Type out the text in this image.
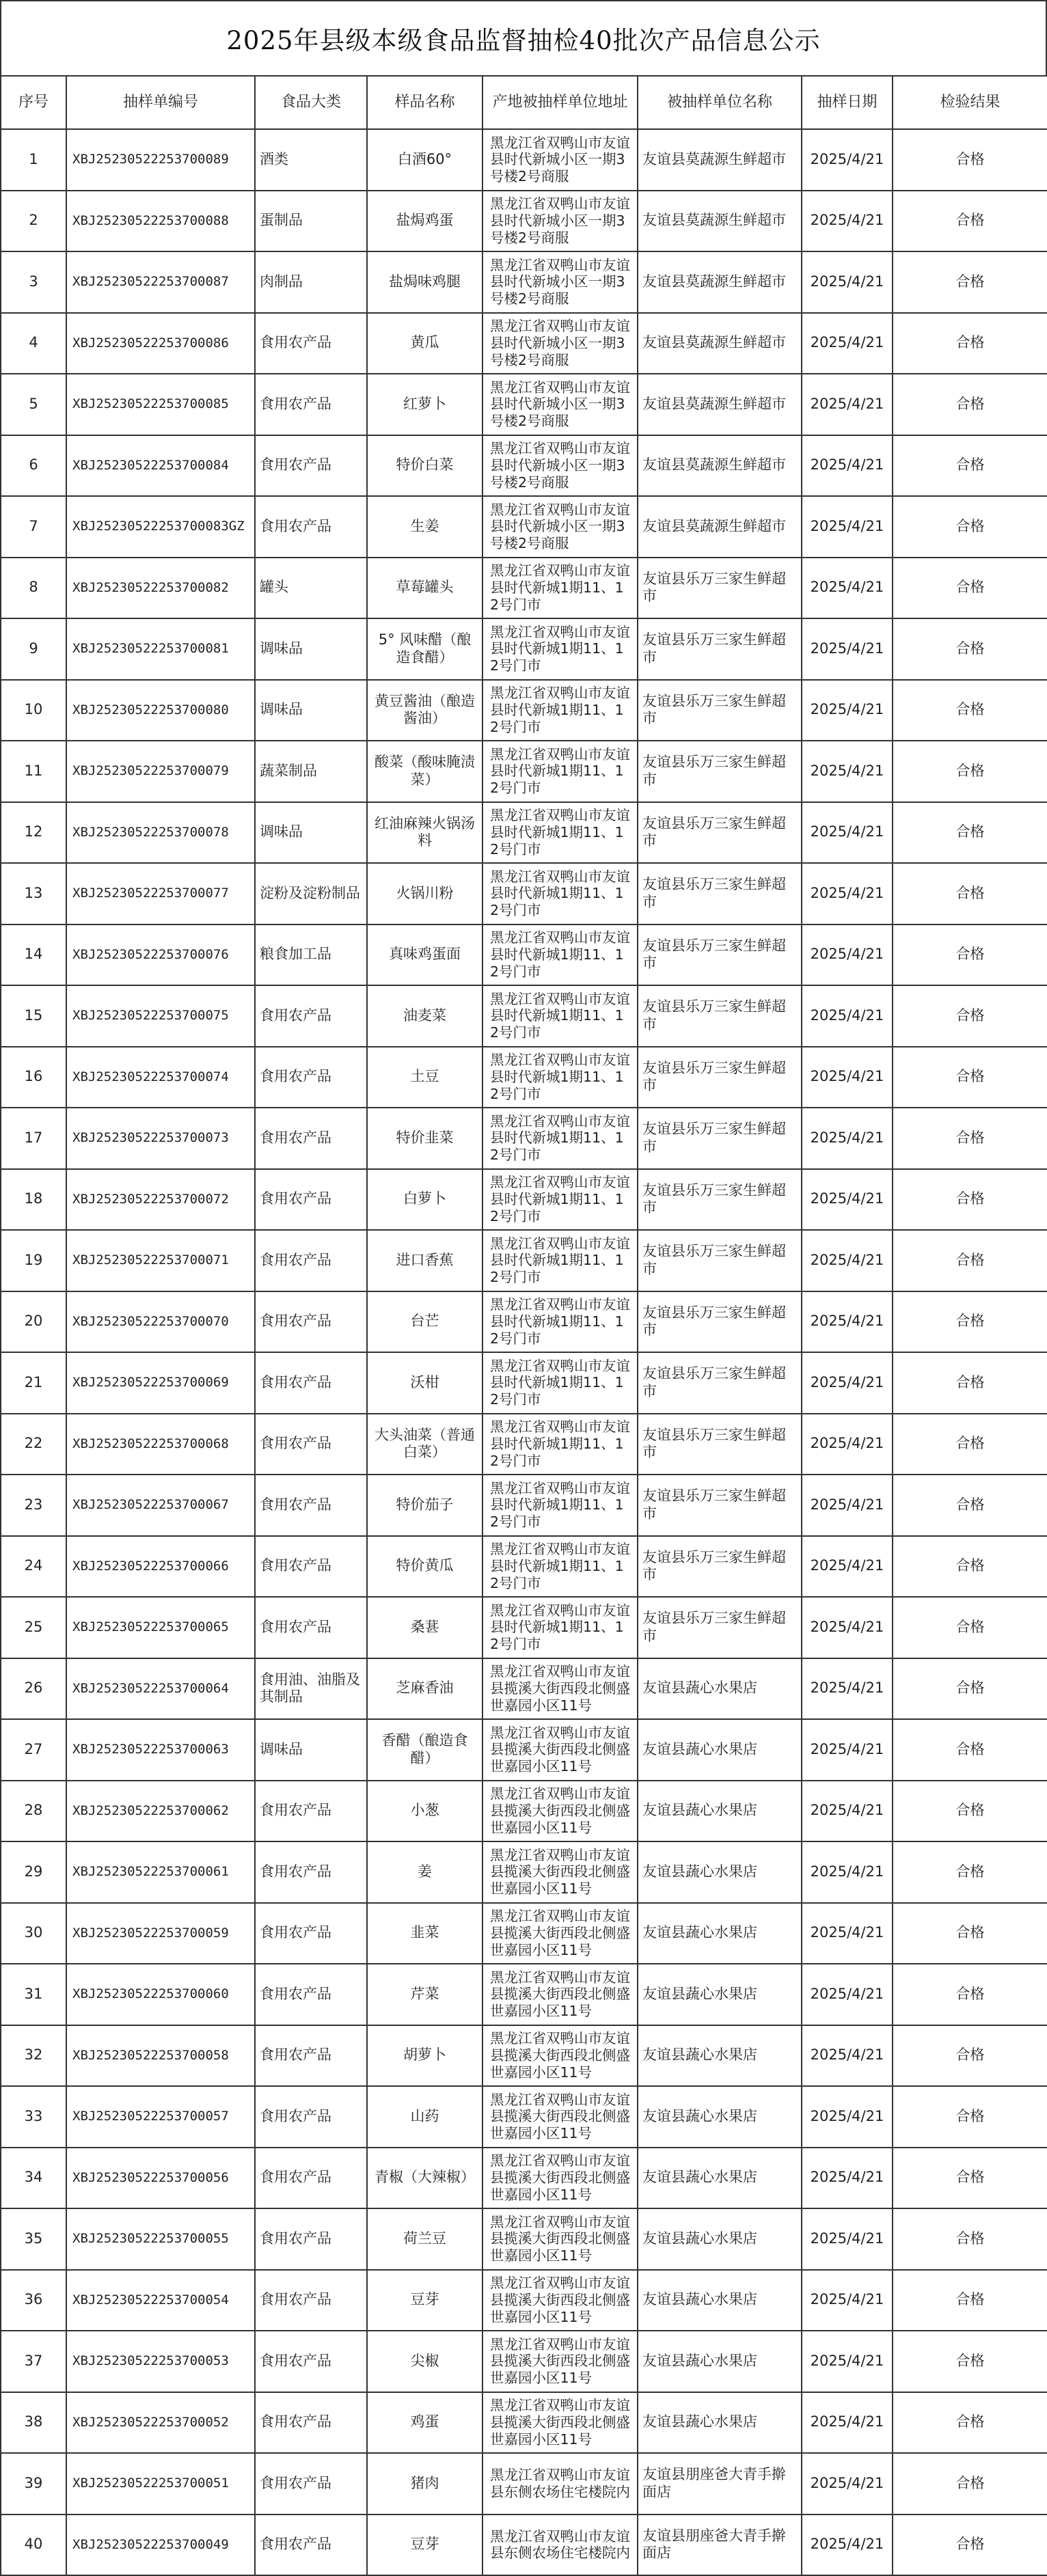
2025年县级本级食品监督抽检40批次产品信息公示
序号	抽样单编号	食品大类	样品名称	产地被抽样单位地址	被抽样单位名称	抽样日期	检验结果
1	XBJ25230522253700089	酒类	白酒60°	黑龙江省双鸭山市友谊县时代新城小区一期3号楼2号商服	友谊县莫蔬源生鲜超市	2025/4/21	合格
2	XBJ25230522253700088	蛋制品	盐焗鸡蛋	黑龙江省双鸭山市友谊县时代新城小区一期3号楼2号商服	友谊县莫蔬源生鲜超市	2025/4/21	合格
3	XBJ25230522253700087	肉制品	盐焗味鸡腿	黑龙江省双鸭山市友谊县时代新城小区一期3号楼2号商服	友谊县莫蔬源生鲜超市	2025/4/21	合格
4	XBJ25230522253700086	食用农产品	黄瓜	黑龙江省双鸭山市友谊县时代新城小区一期3号楼2号商服	友谊县莫蔬源生鲜超市	2025/4/21	合格
5	XBJ25230522253700085	食用农产品	红萝卜	黑龙江省双鸭山市友谊县时代新城小区一期3号楼2号商服	友谊县莫蔬源生鲜超市	2025/4/21	合格
6	XBJ25230522253700084	食用农产品	特价白菜	黑龙江省双鸭山市友谊县时代新城小区一期3号楼2号商服	友谊县莫蔬源生鲜超市	2025/4/21	合格
7	XBJ25230522253700083GZ	食用农产品	生姜	黑龙江省双鸭山市友谊县时代新城小区一期3号楼2号商服	友谊县莫蔬源生鲜超市	2025/4/21	合格
8	XBJ25230522253700082	罐头	草莓罐头	黑龙江省双鸭山市友谊县时代新城1期11、12号门市	友谊县乐万三家生鲜超市	2025/4/21	合格
9	XBJ25230522253700081	调味品	5° 风味醋（酿造食醋）	黑龙江省双鸭山市友谊县时代新城1期11、12号门市	友谊县乐万三家生鲜超市	2025/4/21	合格
10	XBJ25230522253700080	调味品	黄豆酱油（酿造酱油）	黑龙江省双鸭山市友谊县时代新城1期11、12号门市	友谊县乐万三家生鲜超市	2025/4/21	合格
11	XBJ25230522253700079	蔬菜制品	酸菜（酸味腌渍菜）	黑龙江省双鸭山市友谊县时代新城1期11、12号门市	友谊县乐万三家生鲜超市	2025/4/21	合格
12	XBJ25230522253700078	调味品	红油麻辣火锅汤料	黑龙江省双鸭山市友谊县时代新城1期11、12号门市	友谊县乐万三家生鲜超市	2025/4/21	合格
13	XBJ25230522253700077	淀粉及淀粉制品	火锅川粉	黑龙江省双鸭山市友谊县时代新城1期11、12号门市	友谊县乐万三家生鲜超市	2025/4/21	合格
14	XBJ25230522253700076	粮食加工品	真味鸡蛋面	黑龙江省双鸭山市友谊县时代新城1期11、12号门市	友谊县乐万三家生鲜超市	2025/4/21	合格
15	XBJ25230522253700075	食用农产品	油麦菜	黑龙江省双鸭山市友谊县时代新城1期11、12号门市	友谊县乐万三家生鲜超市	2025/4/21	合格
16	XBJ25230522253700074	食用农产品	土豆	黑龙江省双鸭山市友谊县时代新城1期11、12号门市	友谊县乐万三家生鲜超市	2025/4/21	合格
17	XBJ25230522253700073	食用农产品	特价韭菜	黑龙江省双鸭山市友谊县时代新城1期11、12号门市	友谊县乐万三家生鲜超市	2025/4/21	合格
18	XBJ25230522253700072	食用农产品	白萝卜	黑龙江省双鸭山市友谊县时代新城1期11、12号门市	友谊县乐万三家生鲜超市	2025/4/21	合格
19	XBJ25230522253700071	食用农产品	进口香蕉	黑龙江省双鸭山市友谊县时代新城1期11、12号门市	友谊县乐万三家生鲜超市	2025/4/21	合格
20	XBJ25230522253700070	食用农产品	台芒	黑龙江省双鸭山市友谊县时代新城1期11、12号门市	友谊县乐万三家生鲜超市	2025/4/21	合格
21	XBJ25230522253700069	食用农产品	沃柑	黑龙江省双鸭山市友谊县时代新城1期11、12号门市	友谊县乐万三家生鲜超市	2025/4/21	合格
22	XBJ25230522253700068	食用农产品	大头油菜（普通白菜）	黑龙江省双鸭山市友谊县时代新城1期11、12号门市	友谊县乐万三家生鲜超市	2025/4/21	合格
23	XBJ25230522253700067	食用农产品	特价茄子	黑龙江省双鸭山市友谊县时代新城1期11、12号门市	友谊县乐万三家生鲜超市	2025/4/21	合格
24	XBJ25230522253700066	食用农产品	特价黄瓜	黑龙江省双鸭山市友谊县时代新城1期11、12号门市	友谊县乐万三家生鲜超市	2025/4/21	合格
25	XBJ25230522253700065	食用农产品	桑葚	黑龙江省双鸭山市友谊县时代新城1期11、12号门市	友谊县乐万三家生鲜超市	2025/4/21	合格
26	XBJ25230522253700064	食用油、油脂及其制品	芝麻香油	黑龙江省双鸭山市友谊县揽溪大街西段北侧盛世嘉园小区11号	友谊县蔬心水果店	2025/4/21	合格
27	XBJ25230522253700063	调味品	香醋（酿造食醋）	黑龙江省双鸭山市友谊县揽溪大街西段北侧盛世嘉园小区11号	友谊县蔬心水果店	2025/4/21	合格
28	XBJ25230522253700062	食用农产品	小葱	黑龙江省双鸭山市友谊县揽溪大街西段北侧盛世嘉园小区11号	友谊县蔬心水果店	2025/4/21	合格
29	XBJ25230522253700061	食用农产品	姜	黑龙江省双鸭山市友谊县揽溪大街西段北侧盛世嘉园小区11号	友谊县蔬心水果店	2025/4/21	合格
30	XBJ25230522253700059	食用农产品	韭菜	黑龙江省双鸭山市友谊县揽溪大街西段北侧盛世嘉园小区11号	友谊县蔬心水果店	2025/4/21	合格
31	XBJ25230522253700060	食用农产品	芹菜	黑龙江省双鸭山市友谊县揽溪大街西段北侧盛世嘉园小区11号	友谊县蔬心水果店	2025/4/21	合格
32	XBJ25230522253700058	食用农产品	胡萝卜	黑龙江省双鸭山市友谊县揽溪大街西段北侧盛世嘉园小区11号	友谊县蔬心水果店	2025/4/21	合格
33	XBJ25230522253700057	食用农产品	山药	黑龙江省双鸭山市友谊县揽溪大街西段北侧盛世嘉园小区11号	友谊县蔬心水果店	2025/4/21	合格
34	XBJ25230522253700056	食用农产品	青椒（大辣椒）	黑龙江省双鸭山市友谊县揽溪大街西段北侧盛世嘉园小区11号	友谊县蔬心水果店	2025/4/21	合格
35	XBJ25230522253700055	食用农产品	荷兰豆	黑龙江省双鸭山市友谊县揽溪大街西段北侧盛世嘉园小区11号	友谊县蔬心水果店	2025/4/21	合格
36	XBJ25230522253700054	食用农产品	豆芽	黑龙江省双鸭山市友谊县揽溪大街西段北侧盛世嘉园小区11号	友谊县蔬心水果店	2025/4/21	合格
37	XBJ25230522253700053	食用农产品	尖椒	黑龙江省双鸭山市友谊县揽溪大街西段北侧盛世嘉园小区11号	友谊县蔬心水果店	2025/4/21	合格
38	XBJ25230522253700052	食用农产品	鸡蛋	黑龙江省双鸭山市友谊县揽溪大街西段北侧盛世嘉园小区11号	友谊县蔬心水果店	2025/4/21	合格
39	XBJ25230522253700051	食用农产品	猪肉	黑龙江省双鸭山市友谊县东侧农场住宅楼院内	友谊县朋座爸大青手擀面店	2025/4/21	合格
40	XBJ25230522253700049	食用农产品	豆芽	黑龙江省双鸭山市友谊县东侧农场住宅楼院内	友谊县朋座爸大青手擀面店	2025/4/21	合格
